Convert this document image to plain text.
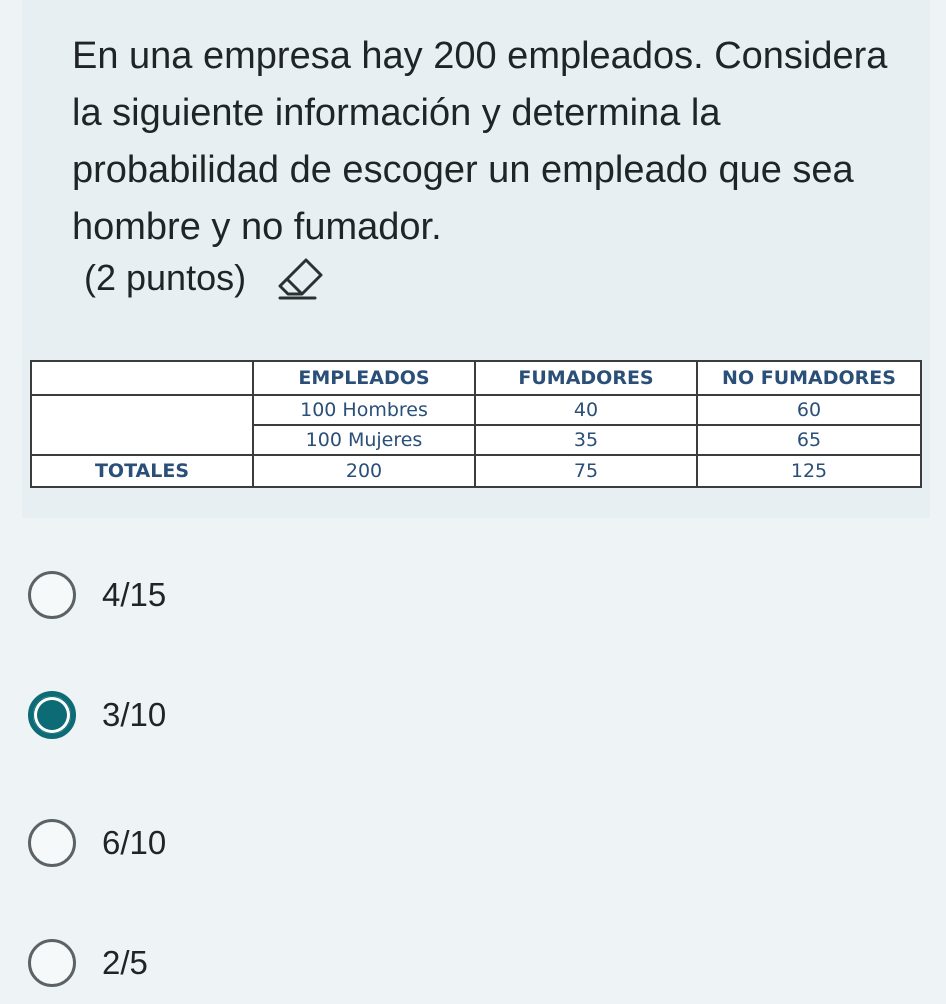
En una empresa hay 200 empleados. Considera la siguiente información y determina la probabilidad de escoger un empleado que sea hombre y no fumador.

(2 puntos)
	EMPLEADOS	FUMADORES	NO FUMADORES
	100 Hombres	40	60
	100 Mujeres	35	65
TOTALES	200	75	125
4/15
3/10
6/10
2/5
